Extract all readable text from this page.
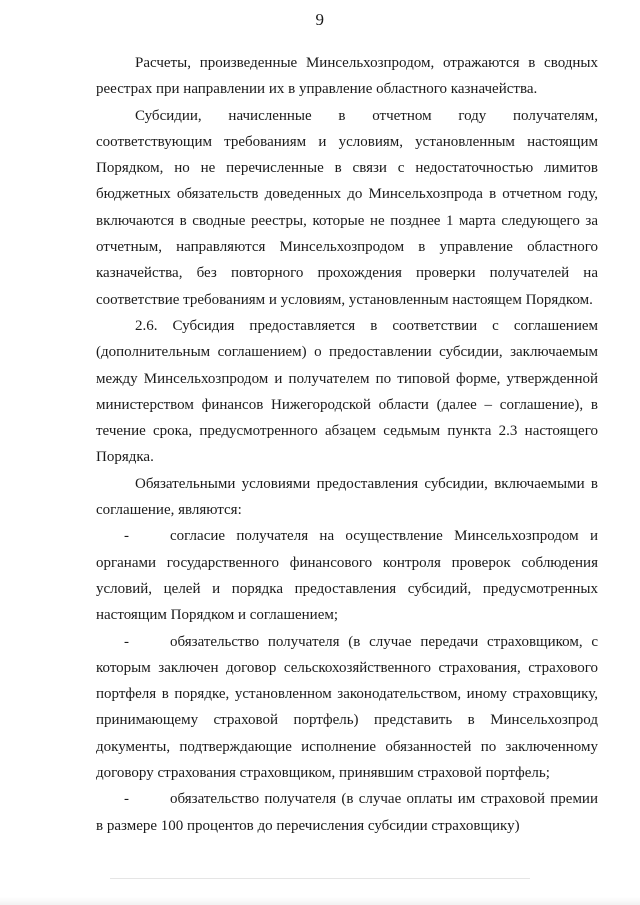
9

Расчеты, произведенные Минсельхозпродом, отражаются в сводных реестрах при направлении их в управление областного казначейства.

Субсидии, начисленные в отчетном году получателям, соответствующим требованиям и условиям, установленным настоящим Порядком, но не перечисленные в связи с недостаточностью лимитов бюджетных обязательств доведенных до Минсельхозпрода в отчетном году, включаются в сводные реестры, которые не позднее 1 марта следующего за отчетным, направляются Минсельхозпродом в управление областного казначейства, без повторного прохождения проверки получателей на соответствие требованиям и условиям, установленным настоящем Порядком.

2.6. Субсидия предоставляется в соответствии с соглашением (дополнительным соглашением) о предоставлении субсидии, заключаемым между Минсельхозпродом и получателем по типовой форме, утвержденной министерством финансов Нижегородской области (далее – соглашение), в течение срока, предусмотренного абзацем седьмым пункта 2.3 настоящего Порядка.

Обязательными условиями предоставления субсидии, включаемыми в соглашение, являются:

-	согласие получателя на осуществление Минсельхозпродом и органами государственного финансового контроля проверок соблюдения условий, целей и порядка предоставления субсидий, предусмотренных настоящим Порядком и соглашением;

-	обязательство получателя (в случае передачи страховщиком, с которым заключен договор сельскохозяйственного страхования, страхового портфеля в порядке, установленном законодательством, иному страховщику, принимающему страховой портфель) представить в Минсельхозпрод документы, подтверждающие исполнение обязанностей по заключенному договору страхования страховщиком, принявшим страховой портфель;

-	обязательство получателя (в случае оплаты им страховой премии в размере 100 процентов до перечисления субсидии страховщику)
